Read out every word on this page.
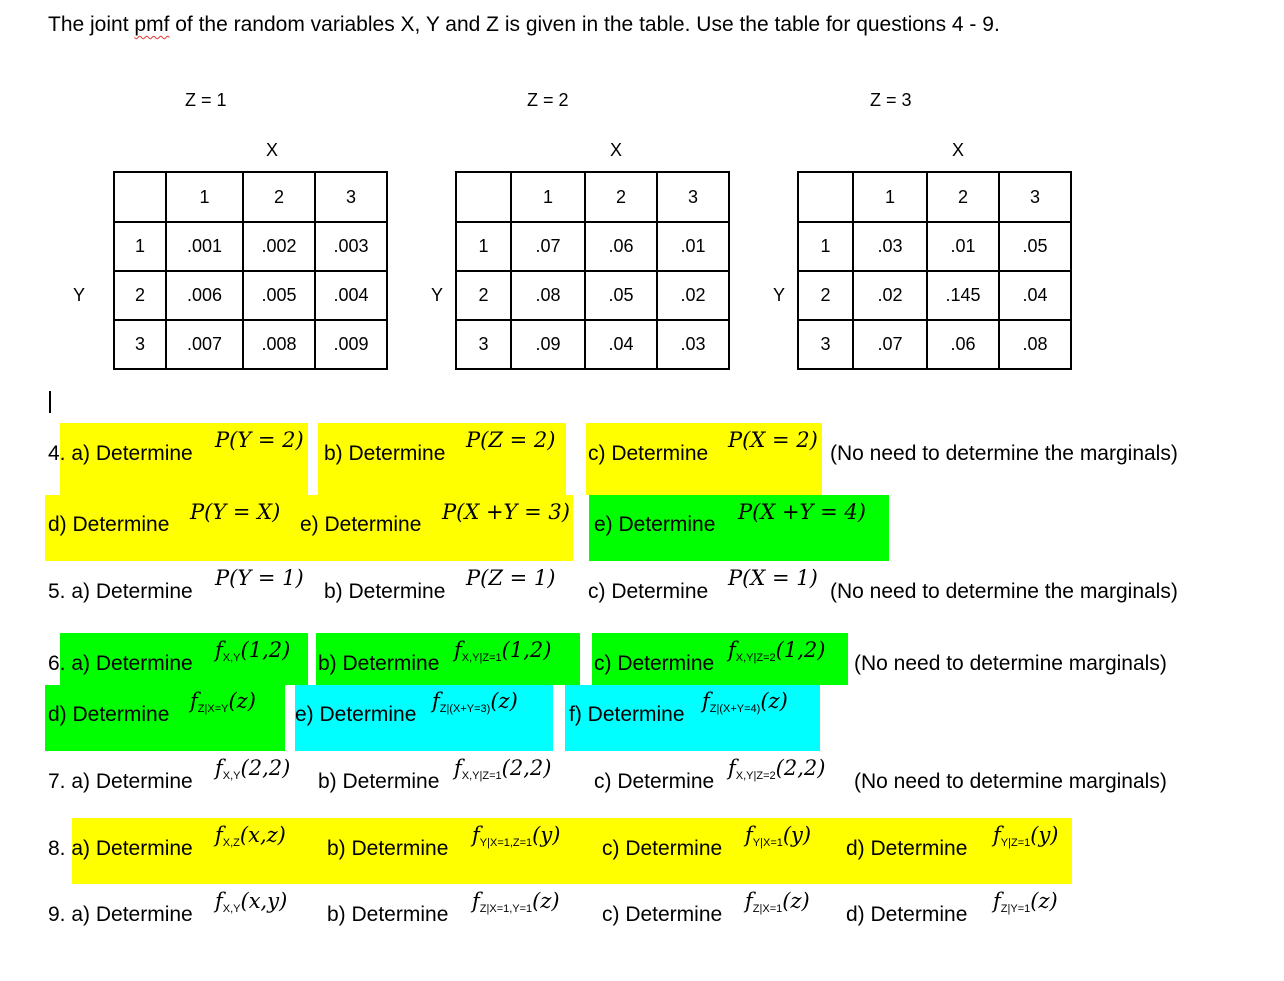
The joint pmf of the random variables X, Y and Z is given in the table. Use the table for questions 4 - 9.
Z = 1
X
Y
	1	2	3
1	.001	.002	.003
2	.006	.005	.004
3	.007	.008	.009
Z = 2
X
Y
	1	2	3
1	.07	.06	.01
2	.08	.05	.02
3	.09	.04	.03
Z = 3
X
Y
	1	2	3
1	.03	.01	.05
2	.02	.145	.04
3	.07	.06	.08
4. a) Determine
P(Y = 2)
b) Determine
P(Z = 2)
c) Determine
P(X = 2)
(No need to determine the marginals)
d) Determine
P(Y = X)
e) Determine
P(X +Y = 3)
e) Determine
P(X +Y = 4)
5. a) Determine
P(Y = 1)
b) Determine
P(Z = 1)
c) Determine
P(X = 1)
(No need to determine the marginals)
6. a) Determine
$f_{X,Y}(1,2)$
b) Determine
$f_{X,Y|Z=1}(1,2)$
c) Determine
$f_{X,Y|Z=2}(1,2)$
(No need to determine marginals)
d) Determine
$f_{Z|X=Y}(z)$
e) Determine
$f_{Z|(X+Y=3)}(z)$
f) Determine
$f_{Z|(X+Y=4)}(z)$
7. a) Determine
$f_{X,Y}(2,2)$
b) Determine
$f_{X,Y|Z=1}(2,2)$
c) Determine
$f_{X,Y|Z=2}(2,2)$
(No need to determine marginals)
8. a) Determine
$f_{X,Z}(x,z)$
b) Determine
$f_{Y|X=1,Z=1}(y)$
c) Determine
$f_{Y|X=1}(y)$
d) Determine
$f_{Y|Z=1}(y)$
9. a) Determine
$f_{X,Y}(x,y)$
b) Determine
$f_{Z|X=1,Y=1}(z)$
c) Determine
$f_{Z|X=1}(z)$
d) Determine
$f_{Z|Y=1}(z)$
